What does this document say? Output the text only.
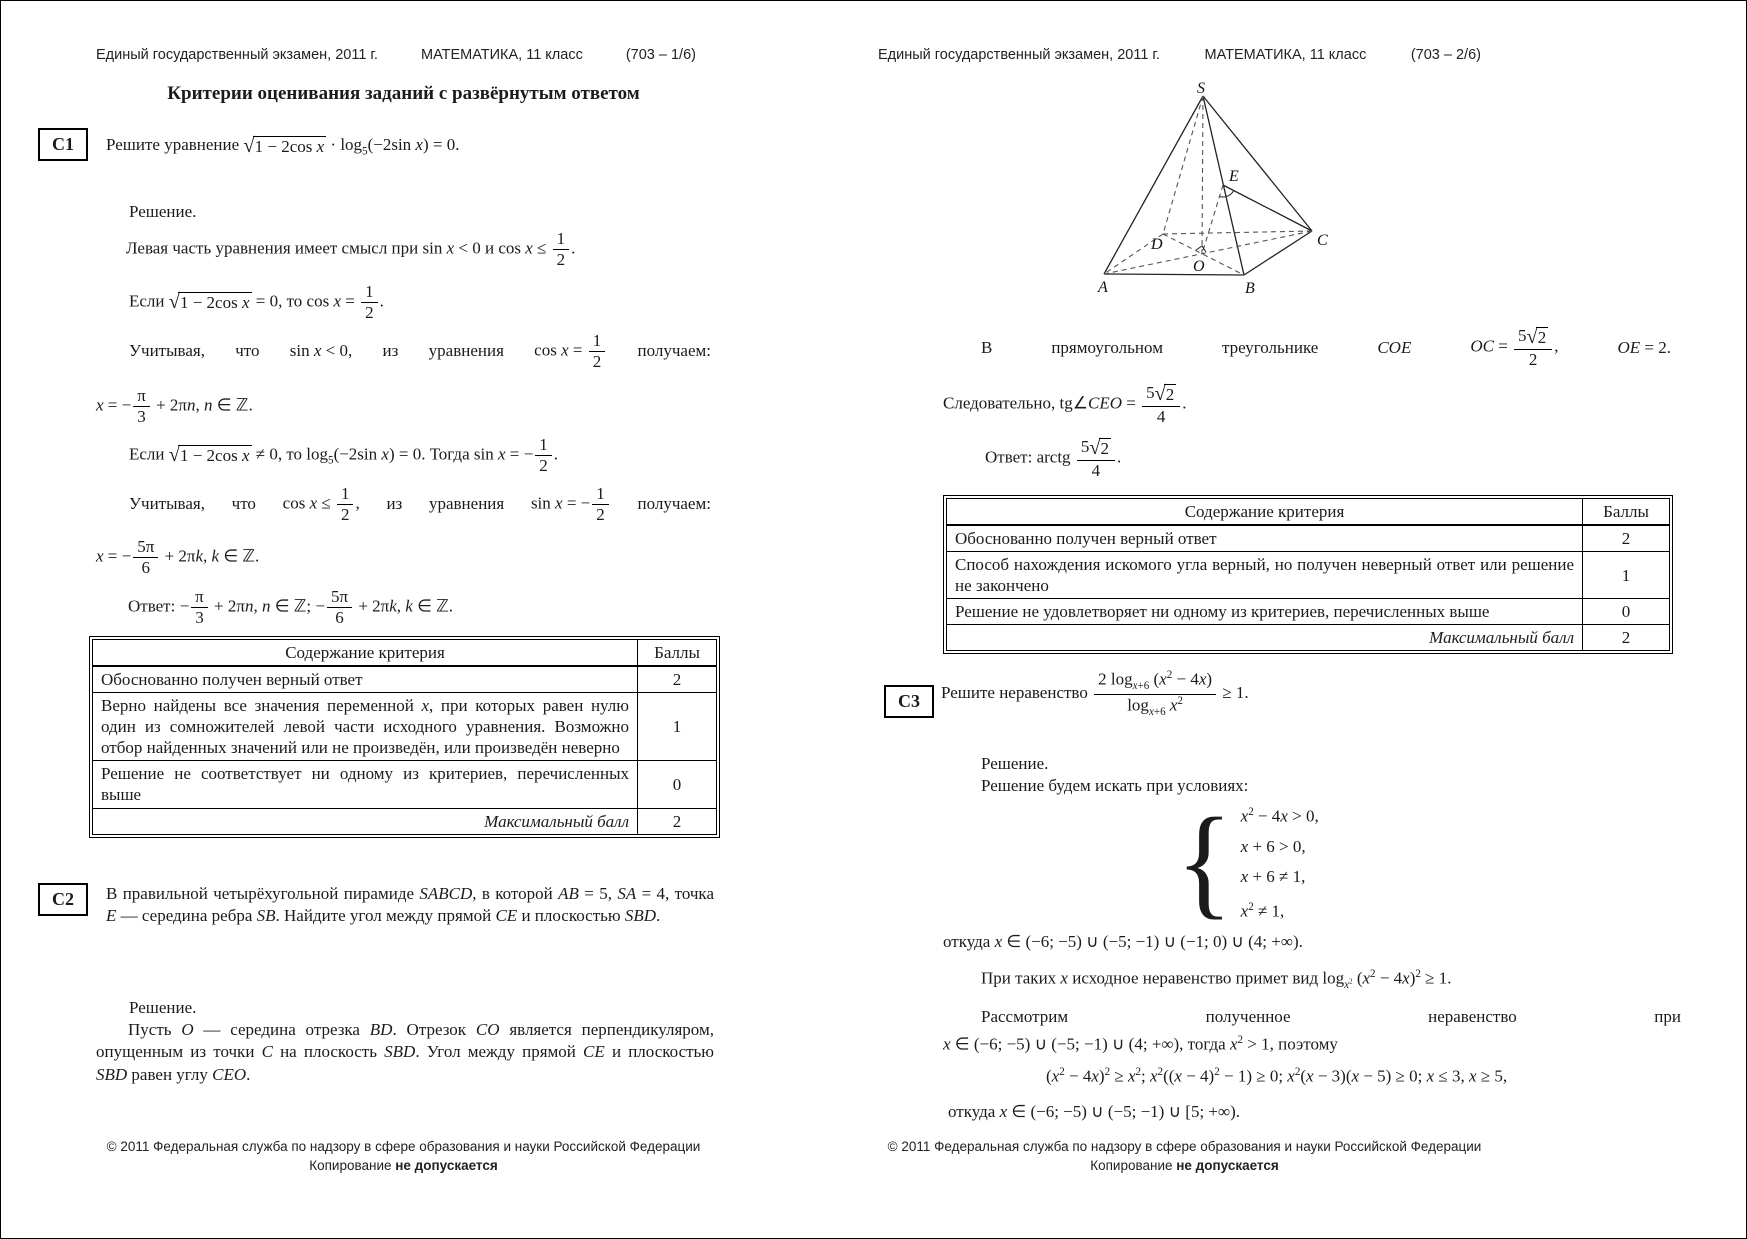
Единый государственный экзамен, 2011 г.	МАТЕМАТИКА, 11 класс	(703 – 1/6)
Критерии оценивания заданий с развёрнутым ответом
C1	Решите уравнение √ 1 − 2cos $x \cdot \log_5(-2\sin$ x) = 0.
Решение.
Левая часть уравнения имеет смысл при sin x < 0 и $\cos x \le \frac{1}{2}$ .
Если √ 1 − 2cos x = 0, то $\cos x = \frac{1}{2}$ .
Учитывая, что sin x < 0, из уравнения $\cos x = \frac{1}{2}$ получаем:
x = − $\frac{\pi}{3} + 2\pi n$, n ∈ ℤ.
Если √ 1 − 2cos x ≠ 0, то $\log_5(-2\sin$ x) = 0. Тогда sin x = − $\frac{1}{2}$ .
Учитывая, что $\cos x \le \frac{1}{2}$ , из уравнения sin x = − $\frac{1}{2}$ получаем:
x = − $\frac{5\pi}{6} + 2\pi k$, k ∈ ℤ.
Ответ: − $\frac{\pi}{3} + 2\pi n$, n ∈ ℤ; − $\frac{5\pi}{6} + 2\pi k$, k ∈ ℤ.
Содержание критерия	Баллы
Обоснованно получен верный ответ	2
Верно найдены все значения переменной x, при которых равен нулю один из сомножителей левой части исходного уравнения. Возможно отбор найденных значений или не произведён, или произведён неверно	1
Решение не соответствует ни одному из критериев, перечисленных выше	0
Максимальный балл	2
C2	В правильной четырёхугольной пирамиде SABCD, в которой AB = 5, SA = 4, точка E — середина ребра SB. Найдите угол между прямой CE и плоскостью SBD.
Решение.
Пусть O — середина отрезка BD. Отрезок CO является перпендикуляром, опущенным из точки C на плоскость SBD. Угол между прямой CE и плоскостью SBD равен углу CEO.
© 2011 Федеральная служба по надзору в сфере образования и науки Российской Федерации
Копирование не допускается
Единый государственный экзамен, 2011 г.	МАТЕМАТИКА, 11 класс	(703 – 2/6)
S
E
D	C
O
A	B
В	прямоугольном	треугольнике	COE	OC = $\frac{5 √ 2}{2}$ ,	OE = 2.
Следовательно, tg∠CEO = $\frac{5 √ 2}{4}$ .
Ответ: arctg $\frac{5 √ 2}{4}$ .
Содержание критерия	Баллы
Обоснованно получен верный ответ	2
Способ нахождения искомого угла верный, но получен неверный ответ или решение не закончено	1
Решение не удовлетворяет ни одному из критериев, перечисленных выше	0
Максимальный балл	2
C3	Решите неравенство $\frac{2 \log_{x+6} (x^2 - 4x)}{\log_{x+6} x^2} \ge 1$.
Решение.
Решение будем искать при условиях:
{ $x^2 - 4x > 0$,
x + 6 > 0,
x + 6 ≠ 1,
$x^2 \ne 1$,
откуда x ∈ (−6; −5) ∪ (−5; −1) ∪ (−1; 0) ∪ (4; +∞).
При таких x исходное неравенство примет вид $\log_{x^2} (x^2 - 4x)^2 \ge 1$.
Рассмотрим	полученное	неравенство	при
x ∈ (−6; −5) ∪ (−5; −1) ∪ (4; +∞), тогда $x^2 > 1$, поэтому
$(x^2 - 4x)^2 \ge x^2$; $x^2((x - 4)^2 - 1) \ge 0$; $x^2(x - 3)(x - 5) \ge 0$; x ≤ 3, x ≥ 5,
откуда x ∈ (−6; −5) ∪ (−5; −1) ∪ [5; +∞).
© 2011 Федеральная служба по надзору в сфере образования и науки Российской Федерации
Копирование не допускается
